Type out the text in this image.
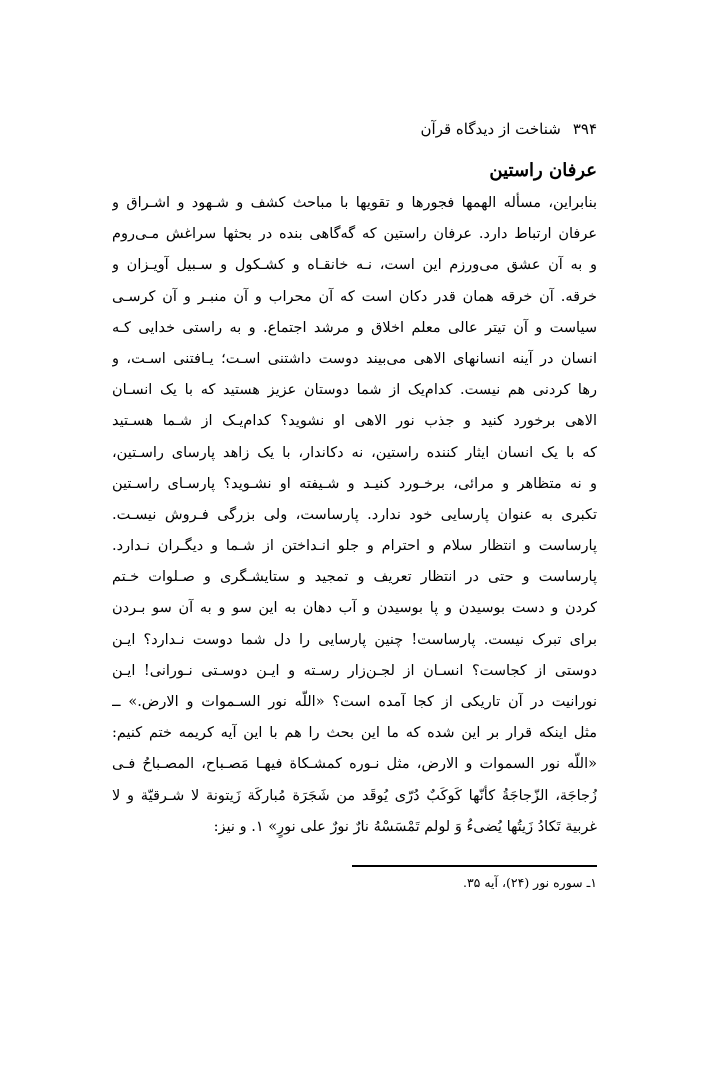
۳۹۴شناخت از دیدگاه قرآن
عرفان راستین
بنابراین، مسأله الهمها فجورها و تقویها با مباحث کشف و شـهود و اشـراق و
عرفان ارتباط دارد. عرفان راستین که گه‌گاهی بنده در بحثها سراغش مـی‌روم
و به آن عشق می‌ورزم این است، نـه خانقـاه و کشـکول و سـبیل آویـزان و
خرقه. آن خرقه همان قدر دکان است که آن محراب و آن منبـر و آن کرسـی
سیاست و آن تیتر عالی معلم اخلاق و مرشد اجتماع. و به راستی خدایی کـه
انسان در آینه انسانهای الاهی می‌بیند دوست داشتنی اسـت؛ یـافتنی اسـت، و
رها کردنی هم نیست. کدام‌یک از شما دوستان عزیز هستید که با یک انسـان
الاهی برخورد کنید و جذب نور الاهی او نشوید؟ کدام‌یـک از شـما هسـتید
که با یک انسان ایثار کننده راستین، نه دکاندار، با یک زاهد پارسای راسـتین،
و نه متظاهر و مرائی، برخـورد کنیـد و شـیفته او نشـوید؟ پارسـای راسـتین
تکبری به عنوان پارسایی خود ندارد. پارساست، ولی بزرگی فـروش نیسـت.
پارساست و انتظار سلام و احترام و جلو انـداختن از شـما و دیگـران نـدارد.
پارساست و حتی در انتظار تعریف و تمجید و ستایشـگری و صـلوات خـتم
کردن و دست بوسیدن و پا بوسیدن و آب دهان به این سو و به آن سو بـردن
برای تبرک نیست. پارساست! چنین پارسایی را دل شما دوست نـدارد؟ ایـن
دوستی از کجاست؟ انسـان از لجـن‌زار رسـته و ایـن دوسـتی نـورانی! ایـن
نورانیت در آن تاریکی از کجا آمده است؟ «اللّه نور السـموات و الارض.» ــ
مثل اینکه قرار بر این شده که ما این بحث را هم با این آیه کریمه ختم کنیم:
«اللّه نور السموات و الارض، مثل نـوره کمشـکاة فیهـا مَصـباح، المصـباحُ فـی
زُجاجَة، الزّجاجَةُ کأنّها کَوکَبٌ دُرّی یُوقَد من شَجَرَة مُبارکَة زَیتونة لا شـرقیّة و لا
غربیة تَکادُ زَیتُها یُضیءُ وَ لولم تَمْسَسْهُ نارٌ نورٌ علی نورٍ» ۱. و نیز:
۱ـ سوره نور (۲۴)، آیه ۳۵.
